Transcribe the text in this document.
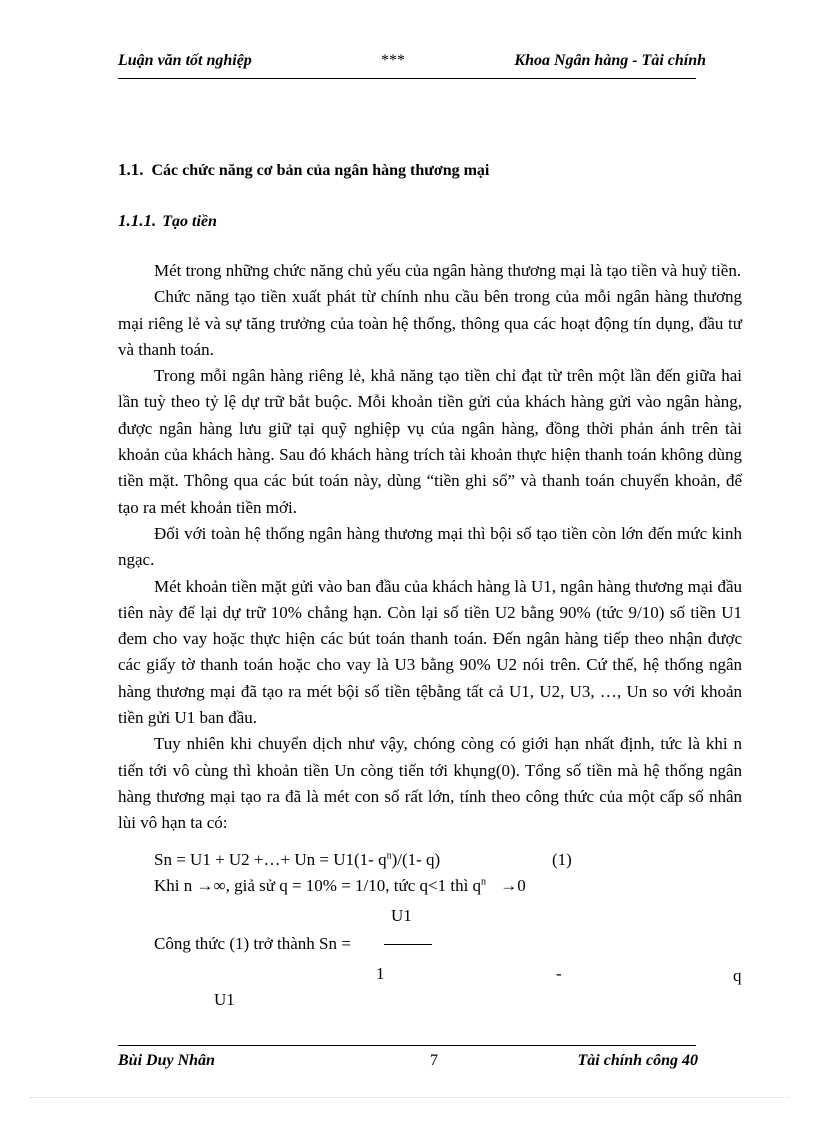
Luận văn tốt nghiệp	***	Khoa Ngân hàng - Tài chính
1.1. Các chức năng cơ bản của ngân hàng thương mại
1.1.1. Tạo tiền

Mét trong những chức năng chủ yếu của ngân hàng thương mại là tạo tiền và huỷ tiền.

Chức năng tạo tiền xuất phát từ chính nhu cầu bên trong của mỗi ngân hàng thương mại riêng lẻ và sự tăng trưởng của toàn hệ thống, thông qua các hoạt động tín dụng, đầu tư và thanh toán.

Trong mỗi ngân hàng riêng lẻ, khả năng tạo tiền chỉ đạt từ trên một lần đến giữa hai lần tuỳ theo tỷ lệ dự trữ bắt buộc. Mỗi khoản tiền gửi của khách hàng gửi vào ngân hàng, được ngân hàng lưu giữ tại quỹ nghiệp vụ của ngân hàng, đồng thời phản ánh trên tài khoản của khách hàng. Sau đó khách hàng trích tài khoản thực hiện thanh toán không dùng tiền mặt. Thông qua các bút toán này, dùng “tiền ghi sổ” và thanh toán chuyển khoản, để tạo ra mét khoản tiền mới.

Đối với toàn hệ thống ngân hàng thương mại thì bội số tạo tiền còn lớn đến mức kinh ngạc.

Mét khoản tiền mặt gửi vào ban đầu của khách hàng là U1, ngân hàng thương mại đầu tiên này để lại dự trữ 10% chẳng hạn. Còn lại số tiền U2 bằng 90% (tức 9/10) số tiền U1 đem cho vay hoặc thực hiện các bút toán thanh toán. Đến ngân hàng tiếp theo nhận được các giấy tờ thanh toán hoặc cho vay là U3 bằng 90% U2 nói trên. Cứ thế, hệ thống ngân hàng thương mại đã tạo ra mét bội số tiền tệbằng tất cả U1, U2, U3, …, Un so với khoản tiền gửi U1 ban đầu.

Tuy nhiên khi chuyển dịch như vậy, chóng còng có giới hạn nhất định, tức là khi n tiến tới vô cùng thì khoản tiền Un còng tiến tới khụng(0). Tổng số tiền mà hệ thống ngân hàng thương mại tạo ra đã là mét con số rất lớn, tính theo công thức của một cấp số nhân lùi vô hạn ta có:

Sn = U1 + U2 +…+ Un = U1(1- $q^n)/(1-$ q)	(1)
Khi n →∞, giả sử q = 10% = 1/10, tức q<1 thì $q^n \to 0$
U1
Công thức (1) trở thành Sn =
1	-	q
U1
Bùi Duy Nhân	7	Tài chính công 40
